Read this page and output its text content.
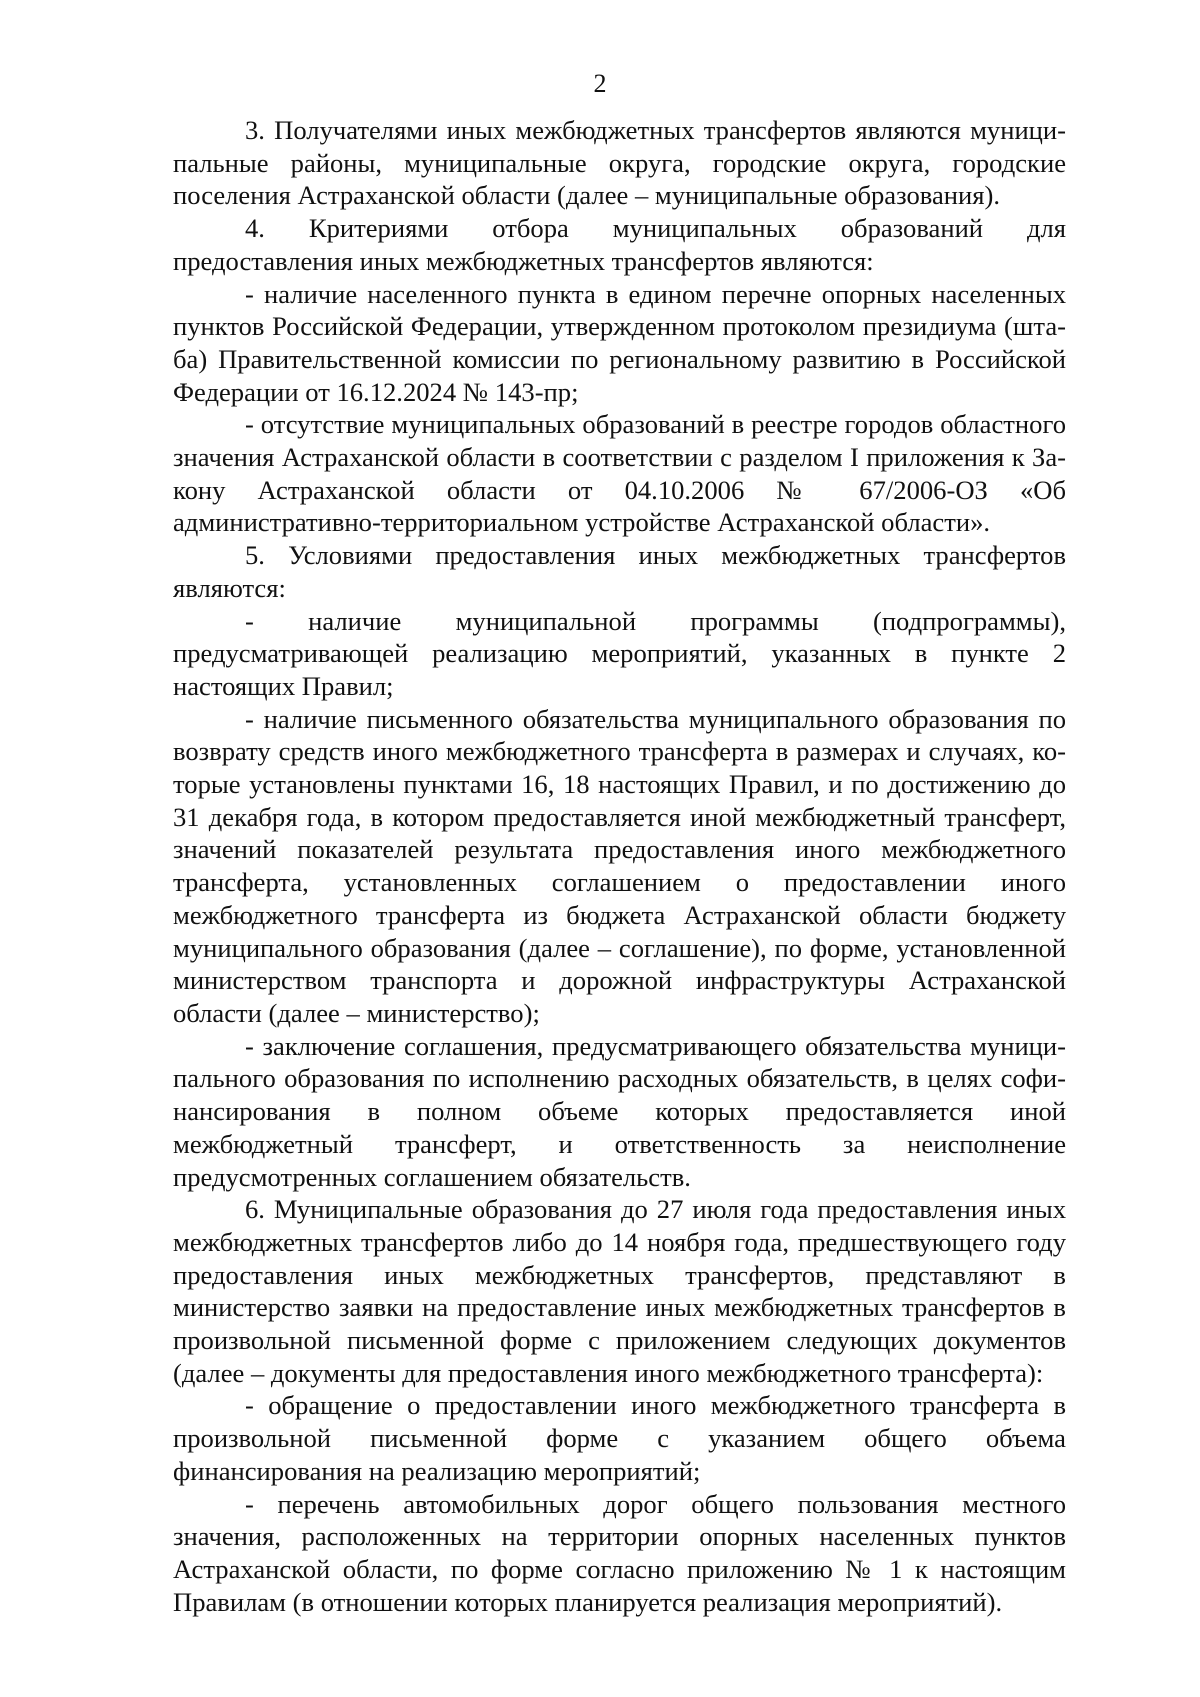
2

3. Получателями иных межбюджетных трансфертов являются муниципальные районы, муниципальные округа, городские округа, городские поселения Астраханской области (далее – муниципальные образования).

4. Критериями отбора муниципальных образований для предоставления иных межбюджетных трансфертов являются:

- наличие населенного пункта в едином перечне опорных населенных пунктов Российской Федерации, утвержденном протоколом президиума (штаба) Правительственной комиссии по региональному развитию в Российской Федерации от 16.12.2024 № 143-пр;

- отсутствие муниципальных образований в реестре городов областного значения Астраханской области в соответствии с разделом I приложения к Закону Астраханской области от 04.10.2006 № 67/2006-ОЗ «Об административно-территориальном устройстве Астраханской области».

5. Условиями предоставления иных межбюджетных трансфертов являются:

- наличие муниципальной программы (подпрограммы), предусматривающей реализацию мероприятий, указанных в пункте 2 настоящих Правил;

- наличие письменного обязательства муниципального образования по возврату средств иного межбюджетного трансферта в размерах и случаях, которые установлены пунктами 16, 18 настоящих Правил, и по достижению до 31 декабря года, в котором предоставляется иной межбюджетный трансферт, значений показателей результата предоставления иного межбюджетного трансферта, установленных соглашением о предоставлении иного межбюджетного трансферта из бюджета Астраханской области бюджету муниципального образования (далее – соглашение), по форме, установленной министерством транспорта и дорожной инфраструктуры Астраханской области (далее – министерство);

- заключение соглашения, предусматривающего обязательства муниципального образования по исполнению расходных обязательств, в целях софинансирования в полном объеме которых предоставляется иной межбюджетный трансферт, и ответственность за неисполнение предусмотренных соглашением обязательств.

6. Муниципальные образования до 27 июля года предоставления иных межбюджетных трансфертов либо до 14 ноября года, предшествующего году предоставления иных межбюджетных трансфертов, представляют в министерство заявки на предоставление иных межбюджетных трансфертов в произвольной письменной форме с приложением следующих документов (далее – документы для предоставления иного межбюджетного трансферта):

- обращение о предоставлении иного межбюджетного трансферта в произвольной письменной форме с указанием общего объема финансирования на реализацию мероприятий;

- перечень автомобильных дорог общего пользования местного значения, расположенных на территории опорных населенных пунктов Астраханской области, по форме согласно приложению № 1 к настоящим Правилам (в отношении которых планируется реализация мероприятий).
